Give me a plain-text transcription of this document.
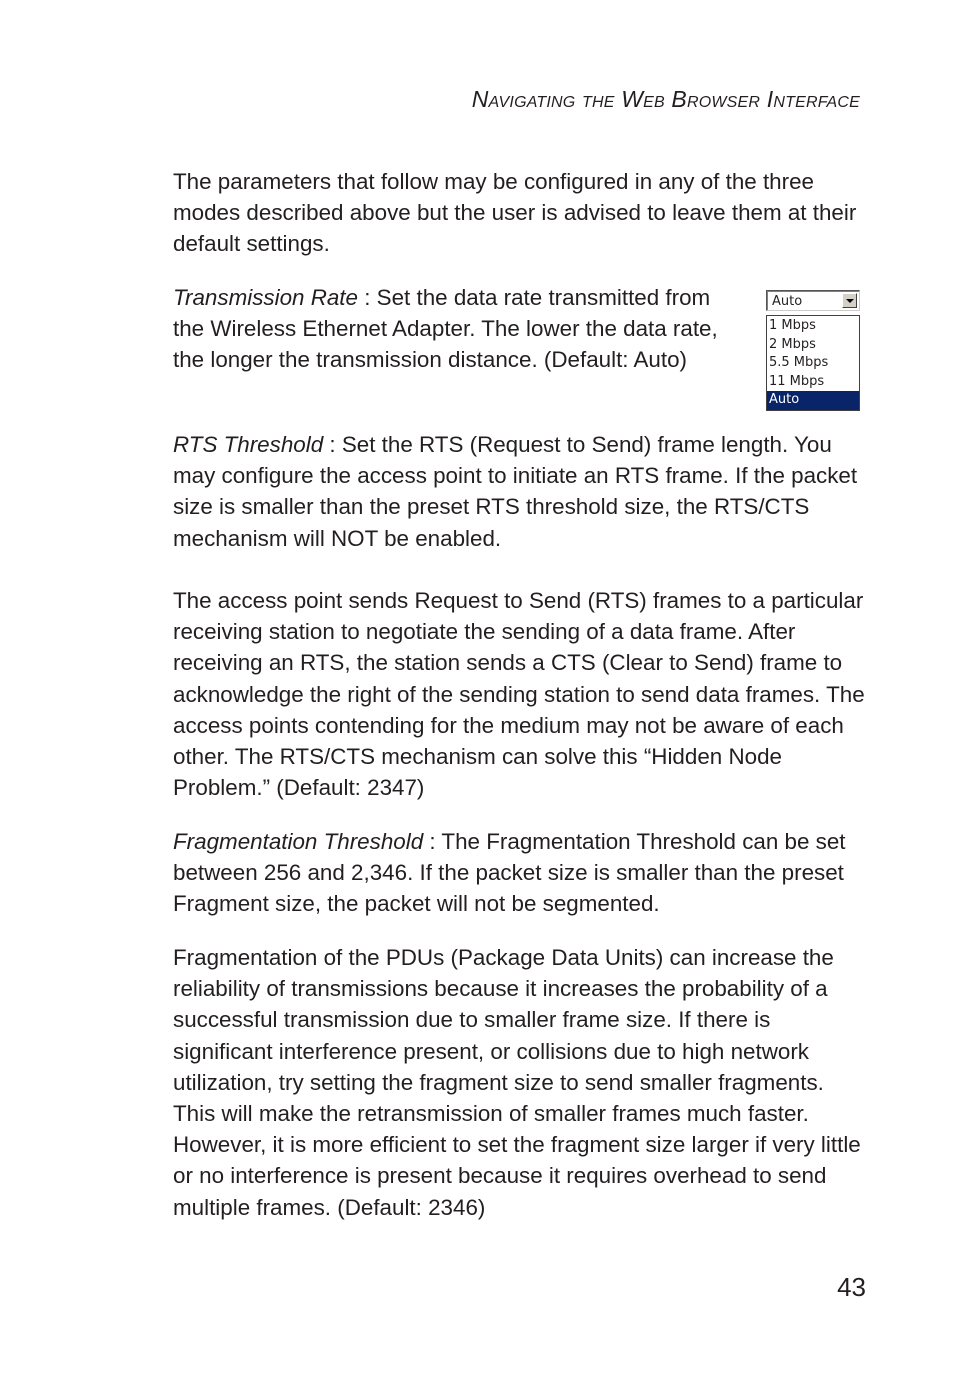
Navigating the Web Browser Interface

The parameters that follow may be configured in any of the three modes described above but the user is advised to leave them at their default settings.

Transmission Rate : Set the data rate transmitted from the Wireless Ethernet Adapter. The lower the data rate, the longer the transmission distance. (Default: Auto)

Auto
1 Mbps
2 Mbps
5.5 Mbps
11 Mbps
Auto

RTS Threshold : Set the RTS (Request to Send) frame length. You may configure the access point to initiate an RTS frame. If the packet size is smaller than the preset RTS threshold size, the RTS/CTS mechanism will NOT be enabled.

The access point sends Request to Send (RTS) frames to a particular receiving station to negotiate the sending of a data frame. After receiving an RTS, the station sends a CTS (Clear to Send) frame to acknowledge the right of the sending station to send data frames. The access points contending for the medium may not be aware of each other. The RTS/CTS mechanism can solve this “Hidden Node Problem.” (Default: 2347)

Fragmentation Threshold : The Fragmentation Threshold can be set between 256 and 2,346. If the packet size is smaller than the preset Fragment size, the packet will not be segmented.

Fragmentation of the PDUs (Package Data Units) can increase the reliability of transmissions because it increases the probability of a successful transmission due to smaller frame size. If there is significant interference present, or collisions due to high network utilization, try setting the fragment size to send smaller fragments. This will make the retransmission of smaller frames much faster. However, it is more efficient to set the fragment size larger if very little or no interference is present because it requires overhead to send multiple frames. (Default: 2346)

43
